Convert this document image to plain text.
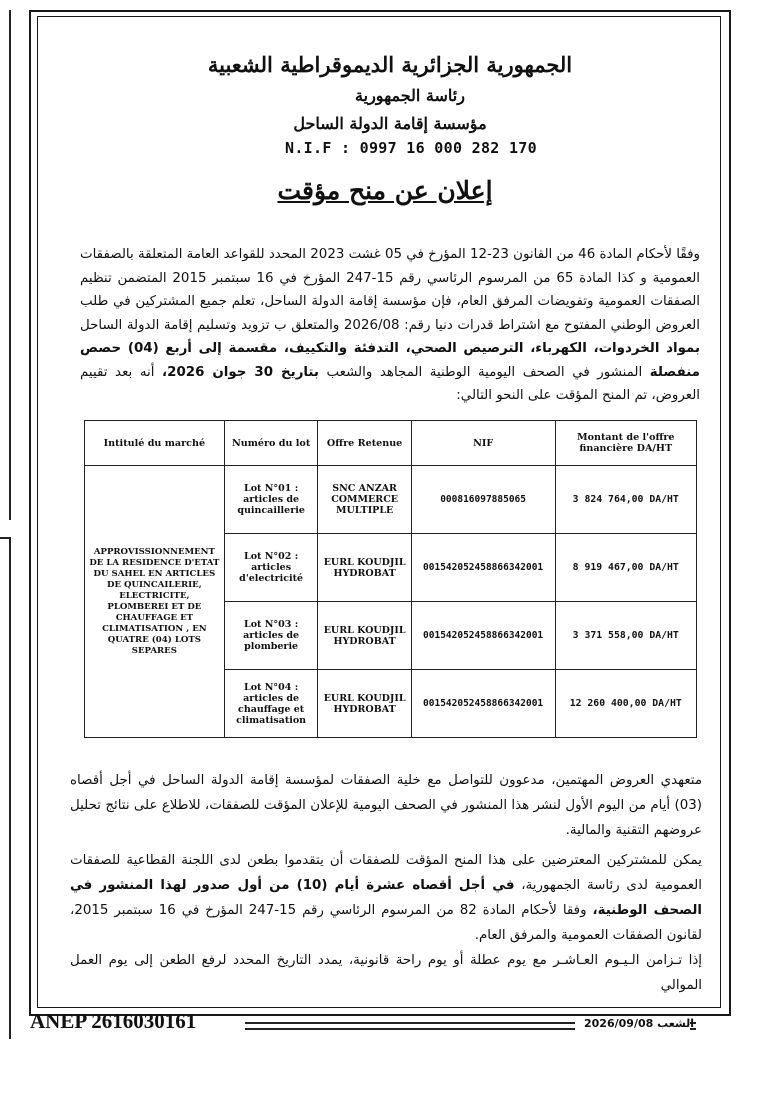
الجمهورية الجزائرية الديموقراطية الشعبية
رئاسة الجمهورية
مؤسسة إقامة الدولة الساحل
N.I.F : 0997 16 000 282 170
إعلان عن منح مؤقت
وفقًا لأحكام المادة 46 من القانون 23-12 المؤرخ في 05 غشت 2023 المحدد للقواعد العامة المتعلقة بالصفقات العمومية و كذا المادة 65 من المرسوم الرئاسي رقم 15-247 المؤرخ في 16 سبتمبر 2015 المتضمن تنظيم الصفقات العمومية وتفويضات المرفق العام، فإن مؤسسة إقامة الدولة الساحل، تعلم جميع المشتركين في طلب العروض الوطني المفتوح مع اشتراط قدرات دنيا رقم: 2026/08 والمتعلق ب تزويد وتسليم إقامة الدولة الساحل بمواد الخردوات، الكهرباء، الترصيص الصحي، التدفئة والتكييف، مقسمة إلى أربع (04) حصص منفصلة المنشور في الصحف اليومية الوطنية المجاهد والشعب بتاريخ 30 جوان 2026، أنه بعد تقييم العروض، تم المنح المؤقت على النحو التالي:
Intitulé du marché	Numéro du lot	Offre Retenue	NIF	Montant de l'offre financière DA/HT
APPROVISSIONNEMENT DE LA RESIDENCE D'ETAT DU SAHEL EN ARTICLES DE QUINCAILERIE, ELECTRICITE, PLOMBEREI ET DE CHAUFFAGE ET CLIMATISATION , EN QUATRE (04) LOTS SEPARES	Lot N°01 : articles de quincaillerie	SNC ANZAR COMMERCE MULTIPLE	000816097885065	3 824 764,00 DA/HT
	Lot N°02 : articles d'electricité	EURL KOUDJIL HYDROBAT	001542052458866342001	8 919 467,00 DA/HT
	Lot N°03 : articles de plomberie	EURL KOUDJIL HYDROBAT	001542052458866342001	3 371 558,00 DA/HT
	Lot N°04 : articles de chauffage et climatisation	EURL KOUDJIL HYDROBAT	001542052458866342001	12 260 400,00 DA/HT
متعهدي العروض المهتمين، مدعوون للتواصل مع خلية الصفقات لمؤسسة إقامة الدولة الساحل في أجل أقصاه (03) أيام من اليوم الأول لنشر هذا المنشور في الصحف اليومية للإعلان المؤقت للصفقات، للاطلاع على نتائج تحليل عروضهم التقنية والمالية.
يمكن للمشتركين المعترضين على هذا المنح المؤقت للصفقات أن يتقدموا بطعن لدى اللجنة القطاعية للصفقات العمومية لدى رئاسة الجمهورية، في أجل أقصاه عشرة أيام (10) من أول صدور لهذا المنشور في الصحف الوطنية، وفقا لأحكام المادة 82 من المرسوم الرئاسي رقم 15-247 المؤرخ في 16 سبتمبر 2015، لقانون الصفقات العمومية والمرفق العام.
إذا تـزامن الـيـوم العـاشـر مع يوم عطلة أو يوم راحة قانونية، يمدد التاريخ المحدد لرفع الطعن إلى يوم العمل الموالي
ANEP 2616030161	الشعب 2026/09/08
